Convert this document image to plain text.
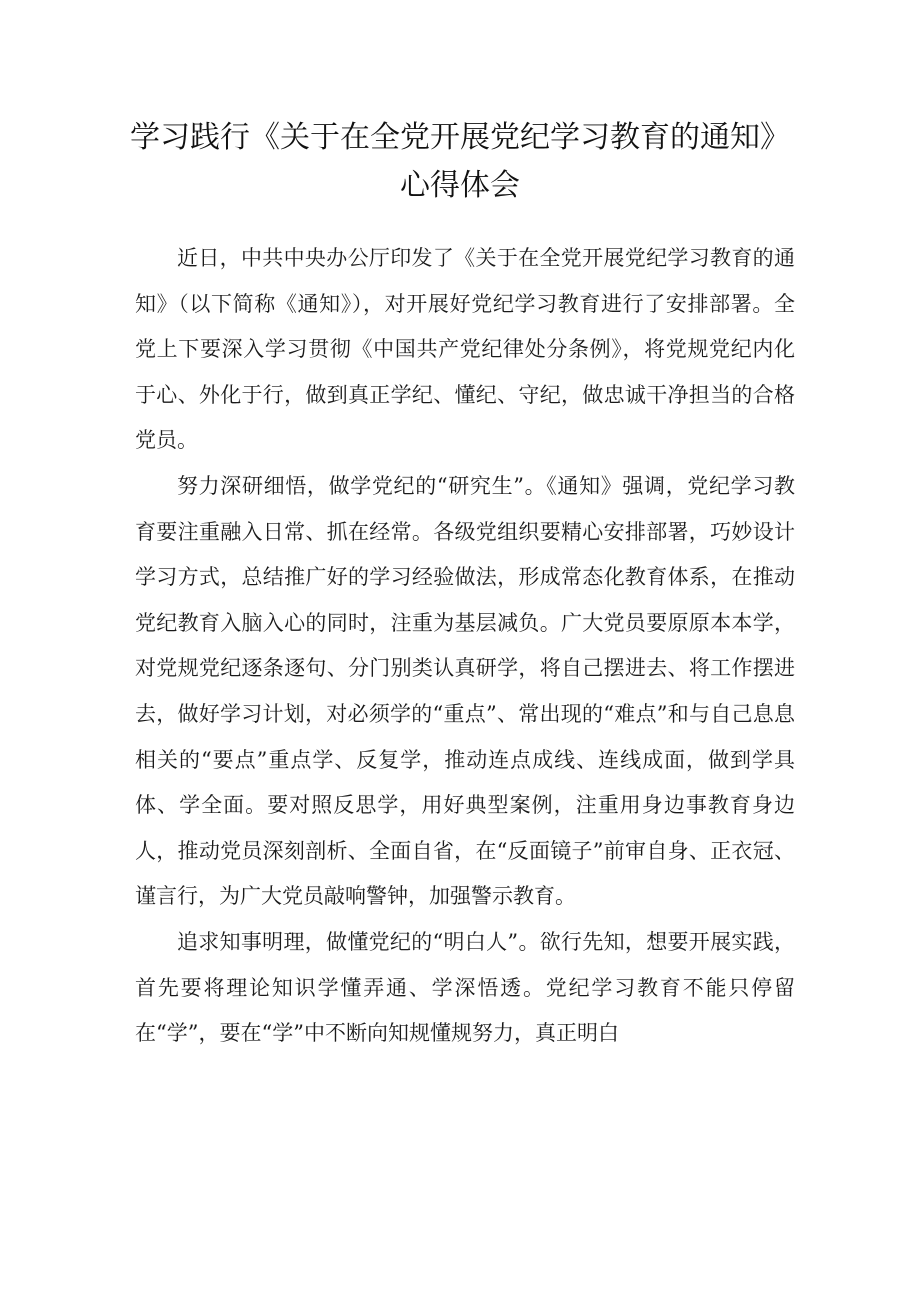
学习践行《关于在全党开展党纪学习教育的通知》
心得体会

近日，中共中央办公厅印发了《关于在全党开展党纪学习教育的通知》（以下简称《通知》），对开展好党纪学习教育进行了安排部署。全党上下要深入学习贯彻《中国共产党纪律处分条例》，将党规党纪内化于心、外化于行，做到真正学纪、懂纪、守纪，做忠诚干净担当的合格党员。

努力深研细悟，做学党纪的“研究生”。《通知》强调，党纪学习教育要注重融入日常、抓在经常。各级党组织要精心安排部署，巧妙设计学习方式，总结推广好的学习经验做法，形成常态化教育体系，在推动党纪教育入脑入心的同时，注重为基层减负。广大党员要原原本本学，对党规党纪逐条逐句、分门别类认真研学，将自己摆进去、将工作摆进去，做好学习计划，对必须学的“重点”、常出现的“难点”和与自己息息相关的“要点”重点学、反复学，推动连点成线、连线成面，做到学具体、学全面。要对照反思学，用好典型案例，注重用身边事教育身边人，推动党员深刻剖析、全面自省，在“反面镜子”前审自身、正衣冠、谨言行，为广大党员敲响警钟，加强警示教育。

追求知事明理，做懂党纪的“明白人”。欲行先知，想要开展实践，首先要将理论知识学懂弄通、学深悟透。党纪学习教育不能只停留在“学”，要在“学”中不断向知规懂规努力，真正明白
